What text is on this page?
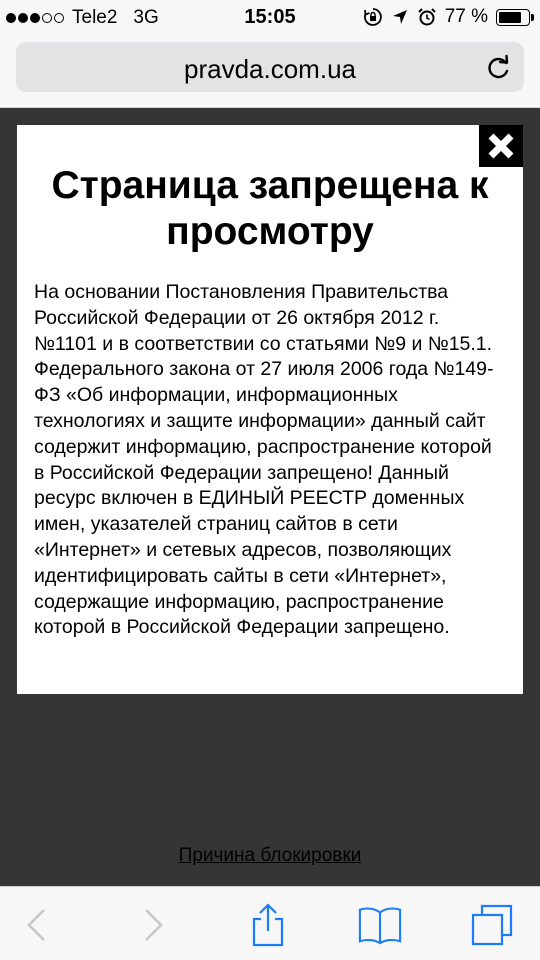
Tele2 3G	15:05	77 %
pravda.com.ua
Страница запрещена к просмотру
На основании Постановления Правительства Российской Федерации от 26 октября 2012 г. №1101 и в соответствии со статьями №9 и №15.1. Федерального закона от 27 июля 2006 года №149-ФЗ «Об информации, информационных технологиях и защите информации» данный сайт содержит информацию, распространение которой в Российской Федерации запрещено! Данный ресурс включен в ЕДИНЫЙ РЕЕСТР доменных имен, указателей страниц сайтов в сети «Интернет» и сетевых адресов, позволяющих идентифицировать сайты в сети «Интернет», содержащие информацию, распространение которой в Российской Федерации запрещено.
Причина блокировки
